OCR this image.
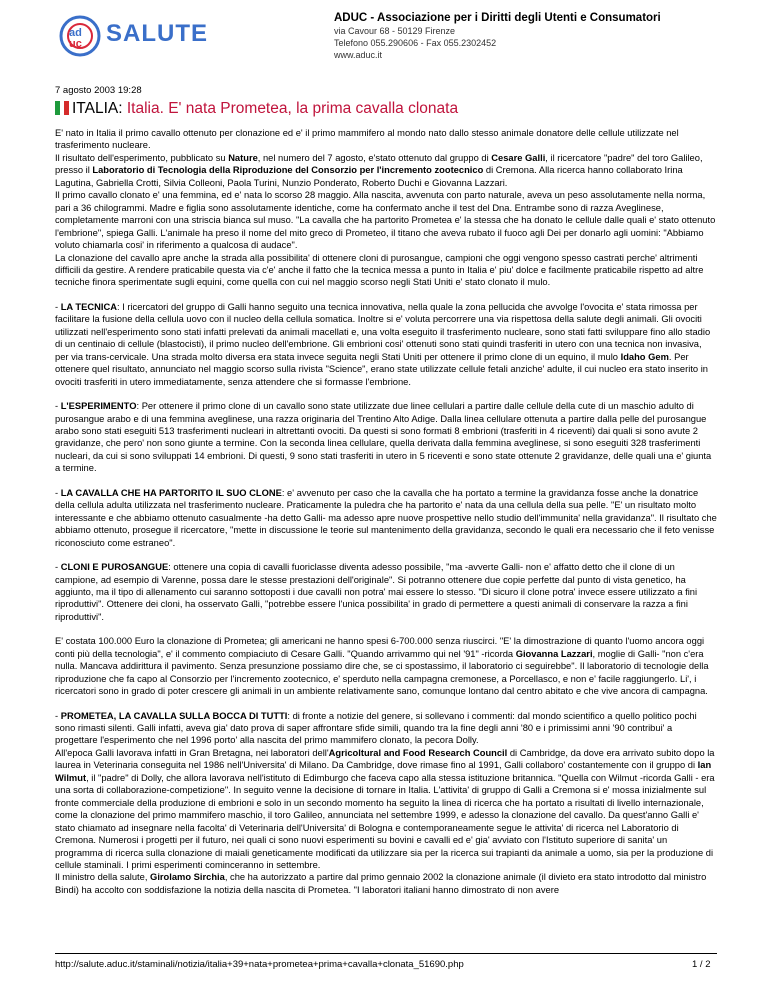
ad
uc SALUTE
ADUC - Associazione per i Diritti degli Utenti e Consumatori
via Cavour 68 - 50129 Firenze
Telefono 055.290606 - Fax 055.2302452
www.aduc.it
7 agosto 2003 19:28
ITALIA: Italia. E' nata Prometea, la prima cavalla clonata

E' nato in Italia il primo cavallo ottenuto per clonazione ed e' il primo mammifero al mondo nato dallo stesso animale donatore delle cellule utilizzate nel trasferimento nucleare.
Il risultato dell'esperimento, pubblicato su Nature, nel numero del 7 agosto, e'stato ottenuto dal gruppo di Cesare Galli, il ricercatore "padre" del toro Galileo, presso il Laboratorio di Tecnologia della Riproduzione del Consorzio per l'incremento zootecnico di Cremona. Alla ricerca hanno collaborato Irina Lagutina, Gabriella Crotti, Silvia Colleoni, Paola Turini, Nunzio Ponderato, Roberto Duchi e Giovanna Lazzari.
Il primo cavallo clonato e' una femmina, ed e' nata lo scorso 28 maggio. Alla nascita, avvenuta con parto naturale, aveva un peso assolutamente nella norma, pari a 36 chilogrammi. Madre e figlia sono assolutamente identiche, come ha confermato anche il test del Dna. Entrambe sono di razza Aveglinese, completamente marroni con una striscia bianca sul muso. "La cavalla che ha partorito Prometea e' la stessa che ha donato le cellule dalle quali e' stato ottenuto l'embrione", spiega Galli. L'animale ha preso il nome del mito greco di Prometeo, il titano che aveva rubato il fuoco agli Dei per donarlo agli uomini: "Abbiamo voluto chiamarla cosi' in riferimento a qualcosa di audace".
La clonazione del cavallo apre anche la strada alla possibilita' di ottenere cloni di purosangue, campioni che oggi vengono spesso castrati perche' altrimenti difficili da gestire. A rendere praticabile questa via c'e' anche il fatto che la tecnica messa a punto in Italia e' piu' dolce e facilmente praticabile rispetto ad altre tecniche finora sperimentate sugli equini, come quella con cui nel maggio scorso negli Stati Uniti e' stato clonato il mulo.

- LA TECNICA: I ricercatori del gruppo di Galli hanno seguito una tecnica innovativa, nella quale la zona pellucida che avvolge l'ovocita e' stata rimossa per facilitare la fusione della cellula uovo con il nucleo della cellula somatica. Inoltre si e' voluta percorrere una via rispettosa della salute degli animali. Gli ovociti utilizzati nell'esperimento sono stati infatti prelevati da animali macellati e, una volta eseguito il trasferimento nucleare, sono stati fatti sviluppare fino allo stadio di un centinaio di cellule (blastocisti), il primo nucleo dell'embrione. Gli embrioni cosi' ottenuti sono stati quindi trasferiti in utero con una tecnica non invasiva, per via trans-cervicale. Una strada molto diversa era stata invece seguita negli Stati Uniti per ottenere il primo clone di un equino, il mulo Idaho Gem. Per ottenere quel risultato, annunciato nel maggio scorso sulla rivista "Science", erano state utilizzate cellule fetali anziche' adulte, il cui nucleo era stato inserito in ovociti trasferiti in utero immediatamente, senza attendere che si formasse l'embrione.

- L'ESPERIMENTO: Per ottenere il primo clone di un cavallo sono state utilizzate due linee cellulari a partire dalle cellule della cute di un maschio adulto di purosangue arabo e di una femmina aveglinese, una razza originaria del Trentino Alto Adige. Dalla linea cellulare ottenuta a partire dalla pelle del purosangue arabo sono stati eseguiti 513 trasferimenti nucleari in altrettanti ovociti. Da questi si sono formati 8 embrioni (trasferiti in 4 riceventi) dai quali si sono avute 2 gravidanze, che pero' non sono giunte a termine. Con la seconda linea cellulare, quella derivata dalla femmina aveglinese, si sono eseguiti 328 trasferimenti nucleari, da cui si sono sviluppati 14 embrioni. Di questi, 9 sono stati trasferiti in utero in 5 riceventi e sono state ottenute 2 gravidanze, delle quali una e' giunta a termine.

- LA CAVALLA CHE HA PARTORITO IL SUO CLONE: e' avvenuto per caso che la cavalla che ha portato a termine la gravidanza fosse anche la donatrice della cellula adulta utilizzata nel trasferimento nucleare. Praticamente la puledra che ha partorito e' nata da una cellula della sua pelle. "E' un risultato molto interessante e che abbiamo ottenuto casualmente -ha detto Galli- ma adesso apre nuove prospettive nello studio dell'immunita' nella gravidanza". Il risultato che abbiamo ottenuto, prosegue il ricercatore, "mette in discussione le teorie sul mantenimento della gravidanza, secondo le quali era necessario che il feto venisse riconosciuto come estraneo".

- CLONI E PUROSANGUE: ottenere una copia di cavalli fuoriclasse diventa adesso possibile, "ma -avverte Galli- non e' affatto detto che il clone di un campione, ad esempio di Varenne, possa dare le stesse prestazioni dell'originale". Si potranno ottenere due copie perfette dal punto di vista genetico, ha aggiunto, ma il tipo di allenamento cui saranno sottoposti i due cavalli non potra' mai essere lo stesso. "Di sicuro il clone potra' invece essere utilizzato a fini riproduttivi". Ottenere dei cloni, ha osservato Galli, "potrebbe essere l'unica possibilita' in grado di permettere a questi animali di conservare la razza a fini riproduttivi".

E' costata 100.000 Euro la clonazione di Prometea; gli americani ne hanno spesi 6-700.000 senza riuscirci. "E' la dimostrazione di quanto l'uomo ancora oggi conti più della tecnologia", e' il commento compiaciuto di Cesare Galli. "Quando arrivammo qui nel '91" -ricorda Giovanna Lazzari, moglie di Galli- "non c'era nulla. Mancava addirittura il pavimento. Senza presunzione possiamo dire che, se ci spostassimo, il laboratorio ci seguirebbe". Il laboratorio di tecnologie della riproduzione che fa capo al Consorzio per l'incremento zootecnico, e' sperduto nella campagna cremonese, a Porcellasco, e non e' facile raggiungerlo. Li', i ricercatori sono in grado di poter crescere gli animali in un ambiente relativamente sano, comunque lontano dal centro abitato e che vive ancora di campagna.

- PROMETEA, LA CAVALLA SULLA BOCCA DI TUTTI: di fronte a notizie del genere, si sollevano i commenti: dal mondo scientifico a quello politico pochi sono rimasti silenti. Galli infatti, aveva gia' dato prova di saper affrontare sfide simili, quando tra la fine degli anni '80 e i primissimi anni '90 contribui' a progettare l'esperimento che nel 1996 porto' alla nascita del primo mammifero clonato, la pecora Dolly.
All'epoca Galli lavorava infatti in Gran Bretagna, nei laboratori dell'Agricoltural and Food Research Council di Cambridge, da dove era arrivato subito dopo la laurea in Veterinaria conseguita nel 1986 nell'Universita' di Milano. Da Cambridge, dove rimase fino al 1991, Galli collaboro' costantemente con il gruppo di Ian Wilmut, il "padre" di Dolly, che allora lavorava nell'istituto di Edimburgo che faceva capo alla stessa istituzione britannica. "Quella con Wilmut -ricorda Galli - era una sorta di collaborazione-competizione". In seguito venne la decisione di tornare in Italia. L'attivita' di gruppo di Galli a Cremona si e' mossa inizialmente sul fronte commerciale della produzione di embrioni e solo in un secondo momento ha seguito la linea di ricerca che ha portato a risultati di livello internazionale, come la clonazione del primo mammifero maschio, il toro Galileo, annunciata nel settembre 1999, e adesso la clonazione del cavallo. Da quest'anno Galli e' stato chiamato ad insegnare nella facolta' di Veterinaria dell'Universita' di Bologna e contemporaneamente segue le attivita' di ricerca nel Laboratorio di Cremona. Numerosi i progetti per il futuro, nei quali ci sono nuovi esperimenti su bovini e cavalli ed e' gia' avviato con l'Istituto superiore di sanita' un programma di ricerca sulla clonazione di maiali geneticamente modificati da utilizzare sia per la ricerca sui trapianti da animale a uomo, sia per la produzione di cellule staminali. I primi esperimenti cominceranno in settembre.
Il ministro della salute, Girolamo Sirchia, che ha autorizzato a partire dal primo gennaio 2002 la clonazione animale (il divieto era stato introdotto dal ministro Bindi) ha accolto con soddisfazione la notizia della nascita di Prometea. "I laboratori italiani hanno dimostrato di non avere

http://salute.aduc.it/staminali/notizia/italia+39+nata+prometea+prima+cavalla+clonata_51690.php	1 / 2
